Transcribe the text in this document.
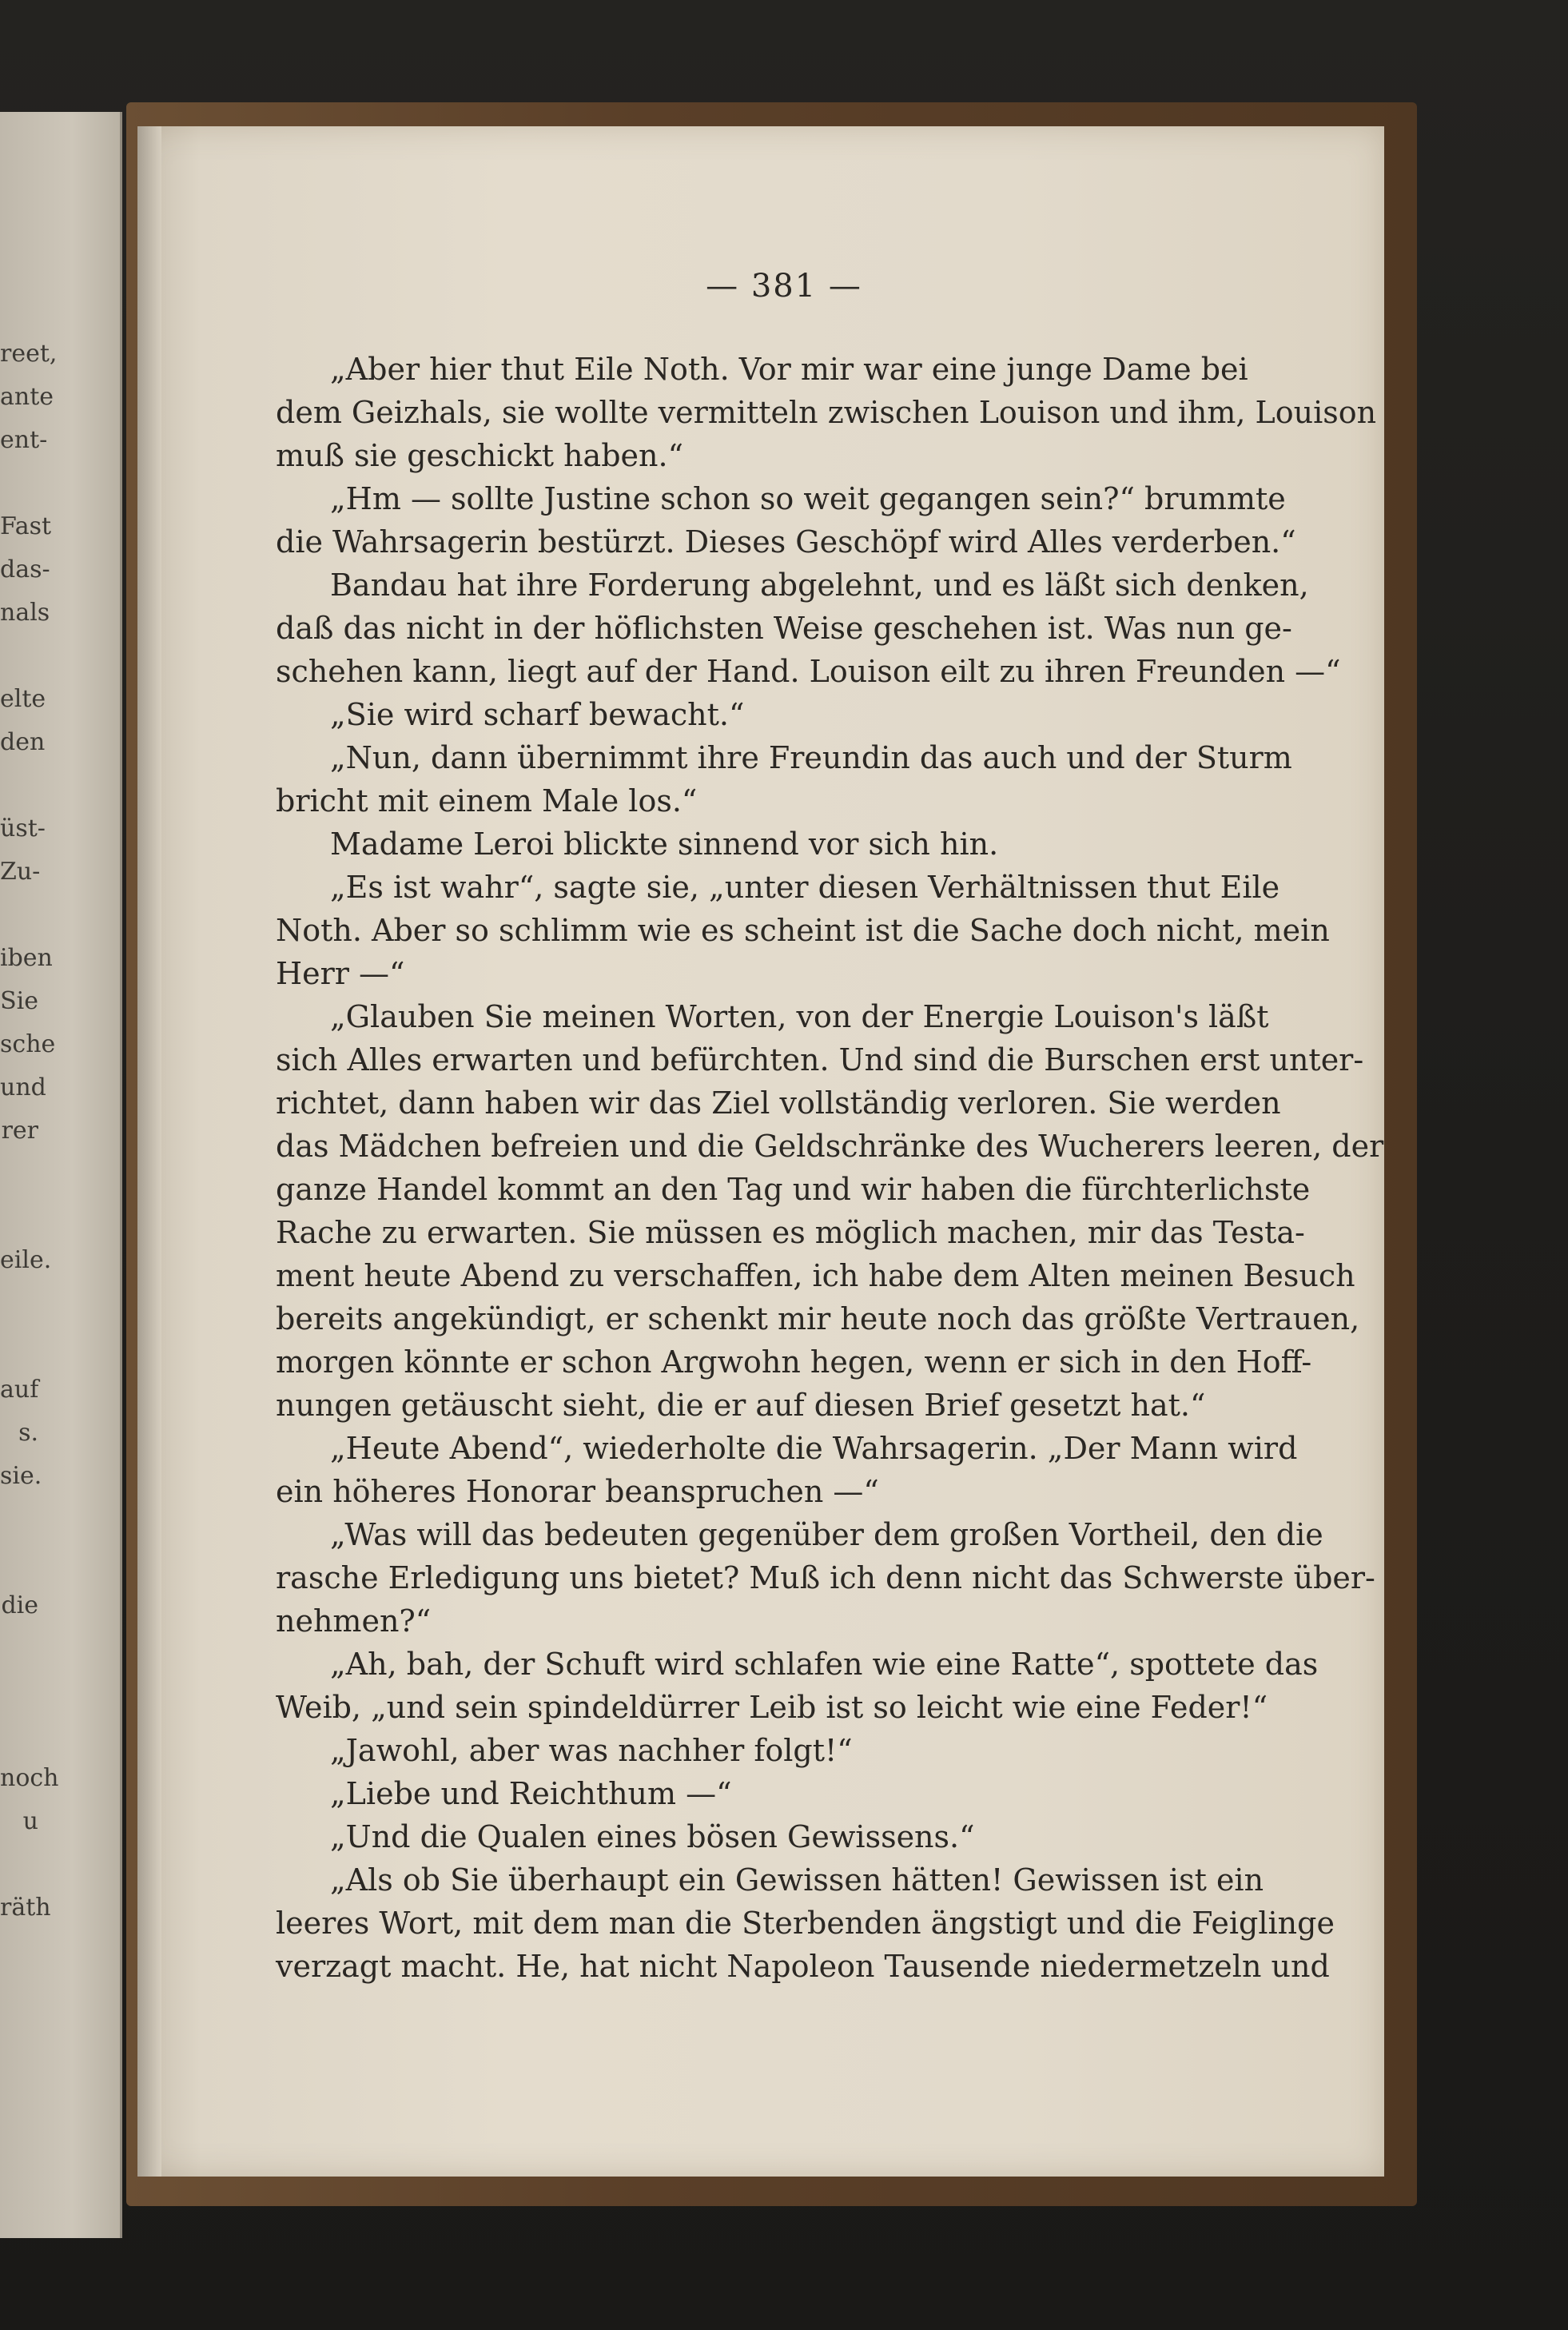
reet,
ante
ent-
Fast
das-
nals
elte
den
üst-
Zu-
iben
Sie
sche
und
rer
eile.
auf
s.
sie.
die
noch
u
räth
— 381 —
„Aber hier thut Eile Noth. Vor mir war eine junge Dame bei
dem Geizhals, sie wollte vermitteln zwischen Louison und ihm, Louison
muß sie geschickt haben.“
„Hm — sollte Justine schon so weit gegangen sein?“ brummte
die Wahrsagerin bestürzt. Dieses Geschöpf wird Alles verderben.“
Bandau hat ihre Forderung abgelehnt, und es läßt sich denken,
daß das nicht in der höflichsten Weise geschehen ist. Was nun ge-
schehen kann, liegt auf der Hand. Louison eilt zu ihren Freunden —“
„Sie wird scharf bewacht.“
„Nun, dann übernimmt ihre Freundin das auch und der Sturm
bricht mit einem Male los.“
Madame Leroi blickte sinnend vor sich hin.
„Es ist wahr“, sagte sie, „unter diesen Verhältnissen thut Eile
Noth. Aber so schlimm wie es scheint ist die Sache doch nicht, mein
Herr —“
„Glauben Sie meinen Worten, von der Energie Louison's läßt
sich Alles erwarten und befürchten. Und sind die Burschen erst unter-
richtet, dann haben wir das Ziel vollständig verloren. Sie werden
das Mädchen befreien und die Geldschränke des Wucherers leeren, der
ganze Handel kommt an den Tag und wir haben die fürchterlichste
Rache zu erwarten. Sie müssen es möglich machen, mir das Testa-
ment heute Abend zu verschaffen, ich habe dem Alten meinen Besuch
bereits angekündigt, er schenkt mir heute noch das größte Vertrauen,
morgen könnte er schon Argwohn hegen, wenn er sich in den Hoff-
nungen getäuscht sieht, die er auf diesen Brief gesetzt hat.“
„Heute Abend“, wiederholte die Wahrsagerin. „Der Mann wird
ein höheres Honorar beanspruchen —“
„Was will das bedeuten gegenüber dem großen Vortheil, den die
rasche Erledigung uns bietet? Muß ich denn nicht das Schwerste über-
nehmen?“
„Ah, bah, der Schuft wird schlafen wie eine Ratte“, spottete das
Weib, „und sein spindeldürrer Leib ist so leicht wie eine Feder!“
„Jawohl, aber was nachher folgt!“
„Liebe und Reichthum —“
„Und die Qualen eines bösen Gewissens.“
„Als ob Sie überhaupt ein Gewissen hätten! Gewissen ist ein
leeres Wort, mit dem man die Sterbenden ängstigt und die Feiglinge
verzagt macht. He, hat nicht Napoleon Tausende niedermetzeln und
